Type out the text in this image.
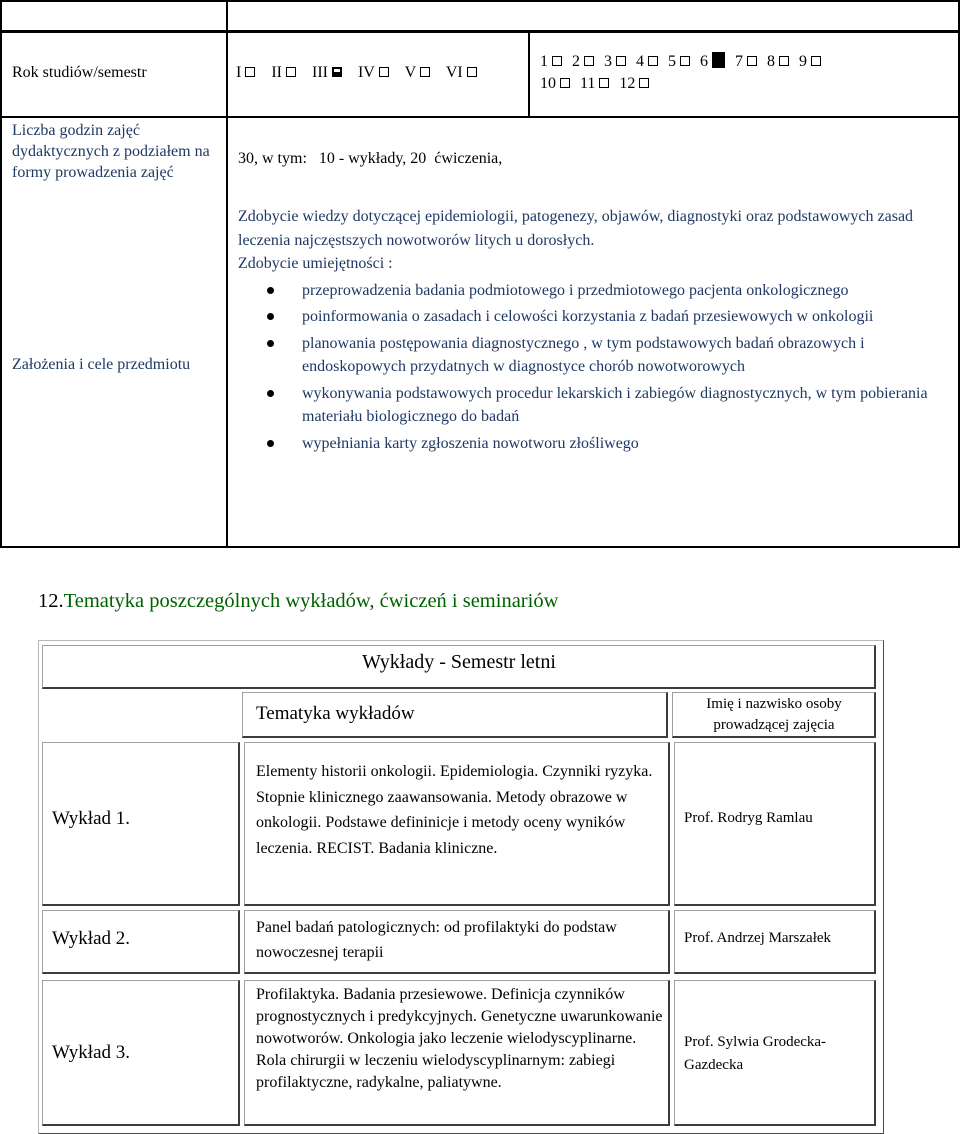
Rok studiów/semestr	I II III IV V VI
1 2 3 4 5 6 7 8 9
10 11 12
Liczba godzin zajęć dydaktycznych z podziałem na formy prowadzenia zajęć
30, w tym:   10 - wykłady, 20  ćwiczenia,
Założenia i cele przedmiotu

Zdobycie wiedzy dotyczącej epidemiologii, patogenezy, objawów, diagnostyki oraz podstawowych zasad leczenia najczęstszych nowotworów litych u dorosłych.

Zdobycie umiejętności :

przeprowadzenia badania podmiotowego i przedmiotowego pacjenta onkologicznego
poinformowania o zasadach i celowości korzystania z badań przesiewowych w onkologii
planowania postępowania diagnostycznego , w tym podstawowych badań obrazowych i endoskopowych przydatnych w diagnostyce chorób nowotworowych
wykonywania podstawowych procedur lekarskich i zabiegów diagnostycznych, w tym pobierania materiału biologicznego do badań
wypełniania karty zgłoszenia nowotworu złośliwego
12.Tematyka poszczególnych wykładów, ćwiczeń i seminariów
Wykłady - Semestr letni
Tematyka wykładów	Imię i nazwisko osoby prowadzącej zajęcia
Wykład 1.
Elementy historii onkologii. Epidemiologia. Czynniki ryzyka. Stopnie klinicznego zaawansowania. Metody obrazowe w onkologii. Podstawe defininicje i metody oceny wyników leczenia. RECIST. Badania kliniczne.
Prof. Rodryg Ramlau
Wykład 2.
Panel badań patologicznych: od profilaktyki do podstaw nowoczesnej terapii
Prof. Andrzej Marszałek
Wykład 3.
Profilaktyka. Badania przesiewowe. Definicja czynników prognostycznych i predykcyjnych. Genetyczne uwarunkowanie nowotworów. Onkologia jako leczenie wielodyscyplinarne. Rola chirurgii w leczeniu wielodyscyplinarnym: zabiegi profilaktyczne, radykalne, paliatywne.
Prof. Sylwia Grodecka-Gazdecka
